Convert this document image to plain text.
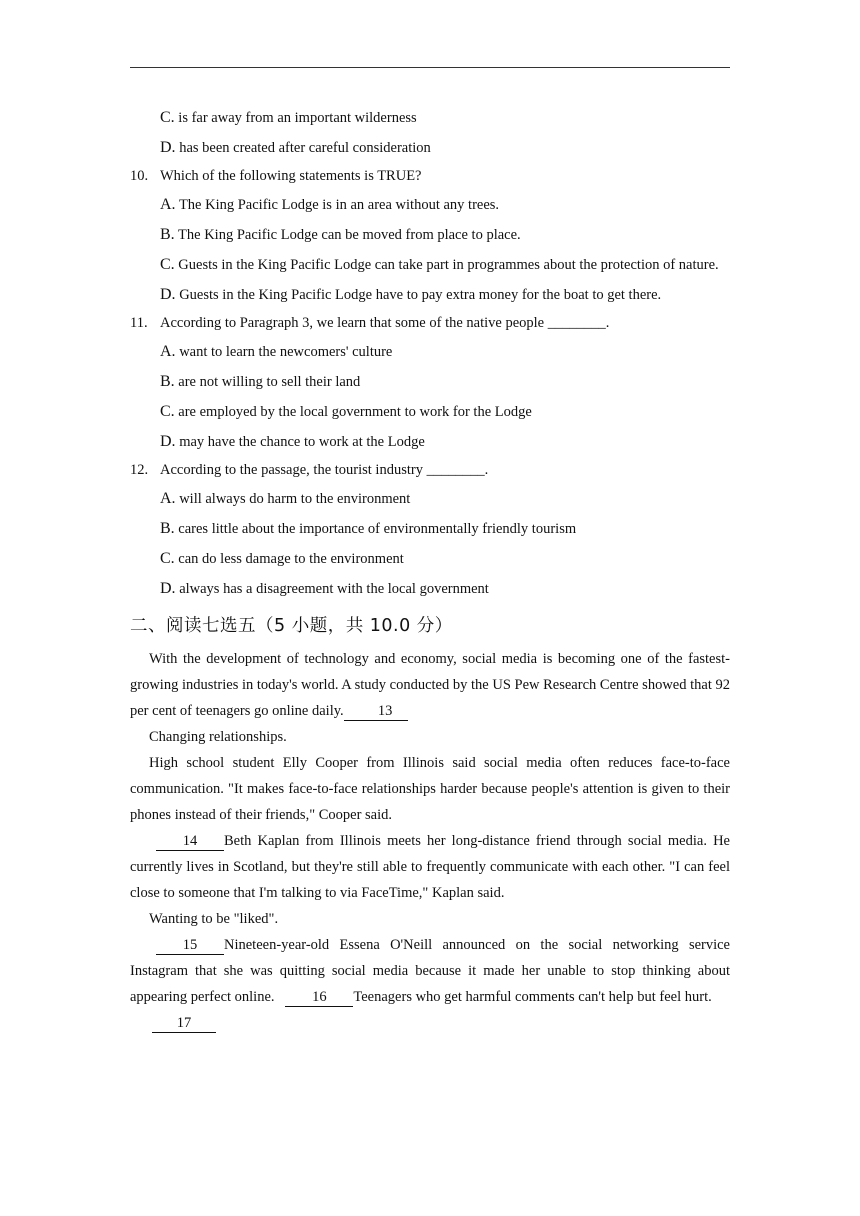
C. is far away from an important wilderness
D. has been created after careful consideration
10. Which of the following statements is TRUE?
A. The King Pacific Lodge is in an area without any trees.
B. The King Pacific Lodge can be moved from place to place.
C. Guests in the King Pacific Lodge can take part in programmes about the protection of nature.
D. Guests in the King Pacific Lodge have to pay extra money for the boat to get there.
11. According to Paragraph 3, we learn that some of the native people ________.
A. want to learn the newcomers' culture
B. are not willing to sell their land
C. are employed by the local government to work for the Lodge
D. may have the chance to work at the Lodge
12. According to the passage, the tourist industry ________.
A. will always do harm to the environment
B. cares little about the importance of environmentally friendly tourism
C. can do less damage to the environment
D. always has a disagreement with the local government
二、阅读七选五（5 小题，共 10.0 分）
With the development of technology and economy, social media is becoming one of the fastest-growing industries in today's world. A study conducted by the US Pew Research Centre showed that 92 per cent of teenagers go online daily. 13
Changing relationships.
High school student Elly Cooper from Illinois said social media often reduces face-to-face communication. "It makes face-to-face relationships harder because people's attention is given to their phones instead of their friends," Cooper said.
14 Beth Kaplan from Illinois meets her long-distance friend through social media. He currently lives in Scotland, but they're still able to frequently communicate with each other. "I can feel close to someone that I'm talking to via FaceTime," Kaplan said.
Wanting to be "liked".
15 Nineteen-year-old Essena O'Neill announced on the social networking service Instagram that she was quitting social media because it made her unable to stop thinking about appearing perfect online.	16 Teenagers who get harmful comments can't help but feel hurt.
17
